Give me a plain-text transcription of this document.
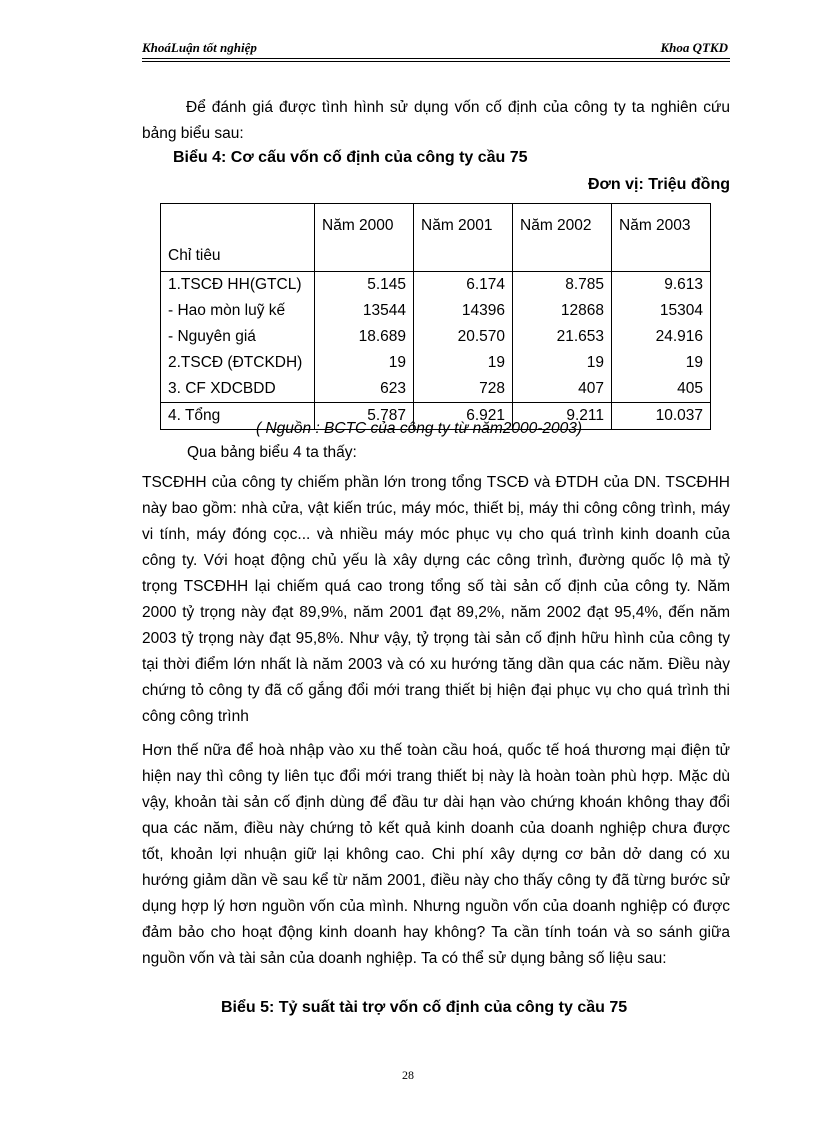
KhoáLuận tốt nghiệp	Khoa QTKD
Để đánh giá được tình hình sử dụng vốn cố định của công ty ta nghiên cứu bảng biểu sau:
Biểu 4: Cơ cấu vốn cố định của công ty cầu 75
Đơn vị: Triệu đồng
Chỉ tiêu	Năm 2000	Năm 2001	Năm 2002	Năm 2003
1.TSCĐ HH(GTCL)	5.145	6.174	8.785	9.613
- Hao mòn luỹ kế	13544	14396	12868	15304
- Nguyên giá	18.689	20.570	21.653	24.916
2.TSCĐ (ĐTCKDH)	19	19	19	19
3. CF XDCBDD	623	728	407	405
4. Tổng	5.787	6.921	9.211	10.037
( Nguồn : BCTC của công ty từ năm2000-2003)
Qua bảng biểu 4 ta thấy:
TSCĐHH của công ty chiếm phần lớn trong tổng TSCĐ và ĐTDH của DN. TSCĐHH này bao gồm: nhà cửa, vật kiến trúc, máy móc, thiết bị, máy thi công công trình, máy vi tính, máy đóng cọc... và nhiều máy móc phục vụ cho quá trình kinh doanh của công ty. Với hoạt động chủ yếu là xây dựng các công trình, đường quốc lộ mà tỷ trọng TSCĐHH lại chiếm quá cao trong tổng số tài sản cố định của công ty. Năm 2000 tỷ trọng này đạt 89,9%, năm 2001 đạt 89,2%, năm 2002 đạt 95,4%, đến năm 2003 tỷ trọng này đạt 95,8%. Như vậy, tỷ trọng tài sản cố định hữu hình của công ty tại thời điểm lớn nhất là năm 2003 và có xu hướng tăng dần qua các năm. Điều này chứng tỏ công ty đã cố gắng đổi mới trang thiết bị hiện đại phục vụ cho quá trình thi công công trình
Hơn thế nữa để hoà nhập vào xu thế toàn cầu hoá, quốc tế hoá thương mại điện tử hiện nay thì công ty liên tục đổi mới trang thiết bị này là hoàn toàn phù hợp. Mặc dù vậy, khoản tài sản cố định dùng để đầu tư dài hạn vào chứng khoán không thay đổi qua các năm, điều này chứng tỏ kết quả kinh doanh của doanh nghiệp chưa được tốt, khoản lợi nhuận giữ lại không cao. Chi phí xây dựng cơ bản dở dang có xu hướng giảm dần về sau kể từ năm 2001, điều này cho thấy công ty đã từng bước sử dụng hợp lý hơn nguồn vốn của mình. Nhưng nguồn vốn của doanh nghiệp có được đảm bảo cho hoạt động kinh doanh hay không? Ta cần tính toán và so sánh giữa nguồn vốn và tài sản của doanh nghiệp. Ta có thể sử dụng bảng số liệu sau:
Biểu 5: Tỷ suất tài trợ vốn cố định của công ty cầu 75
28
